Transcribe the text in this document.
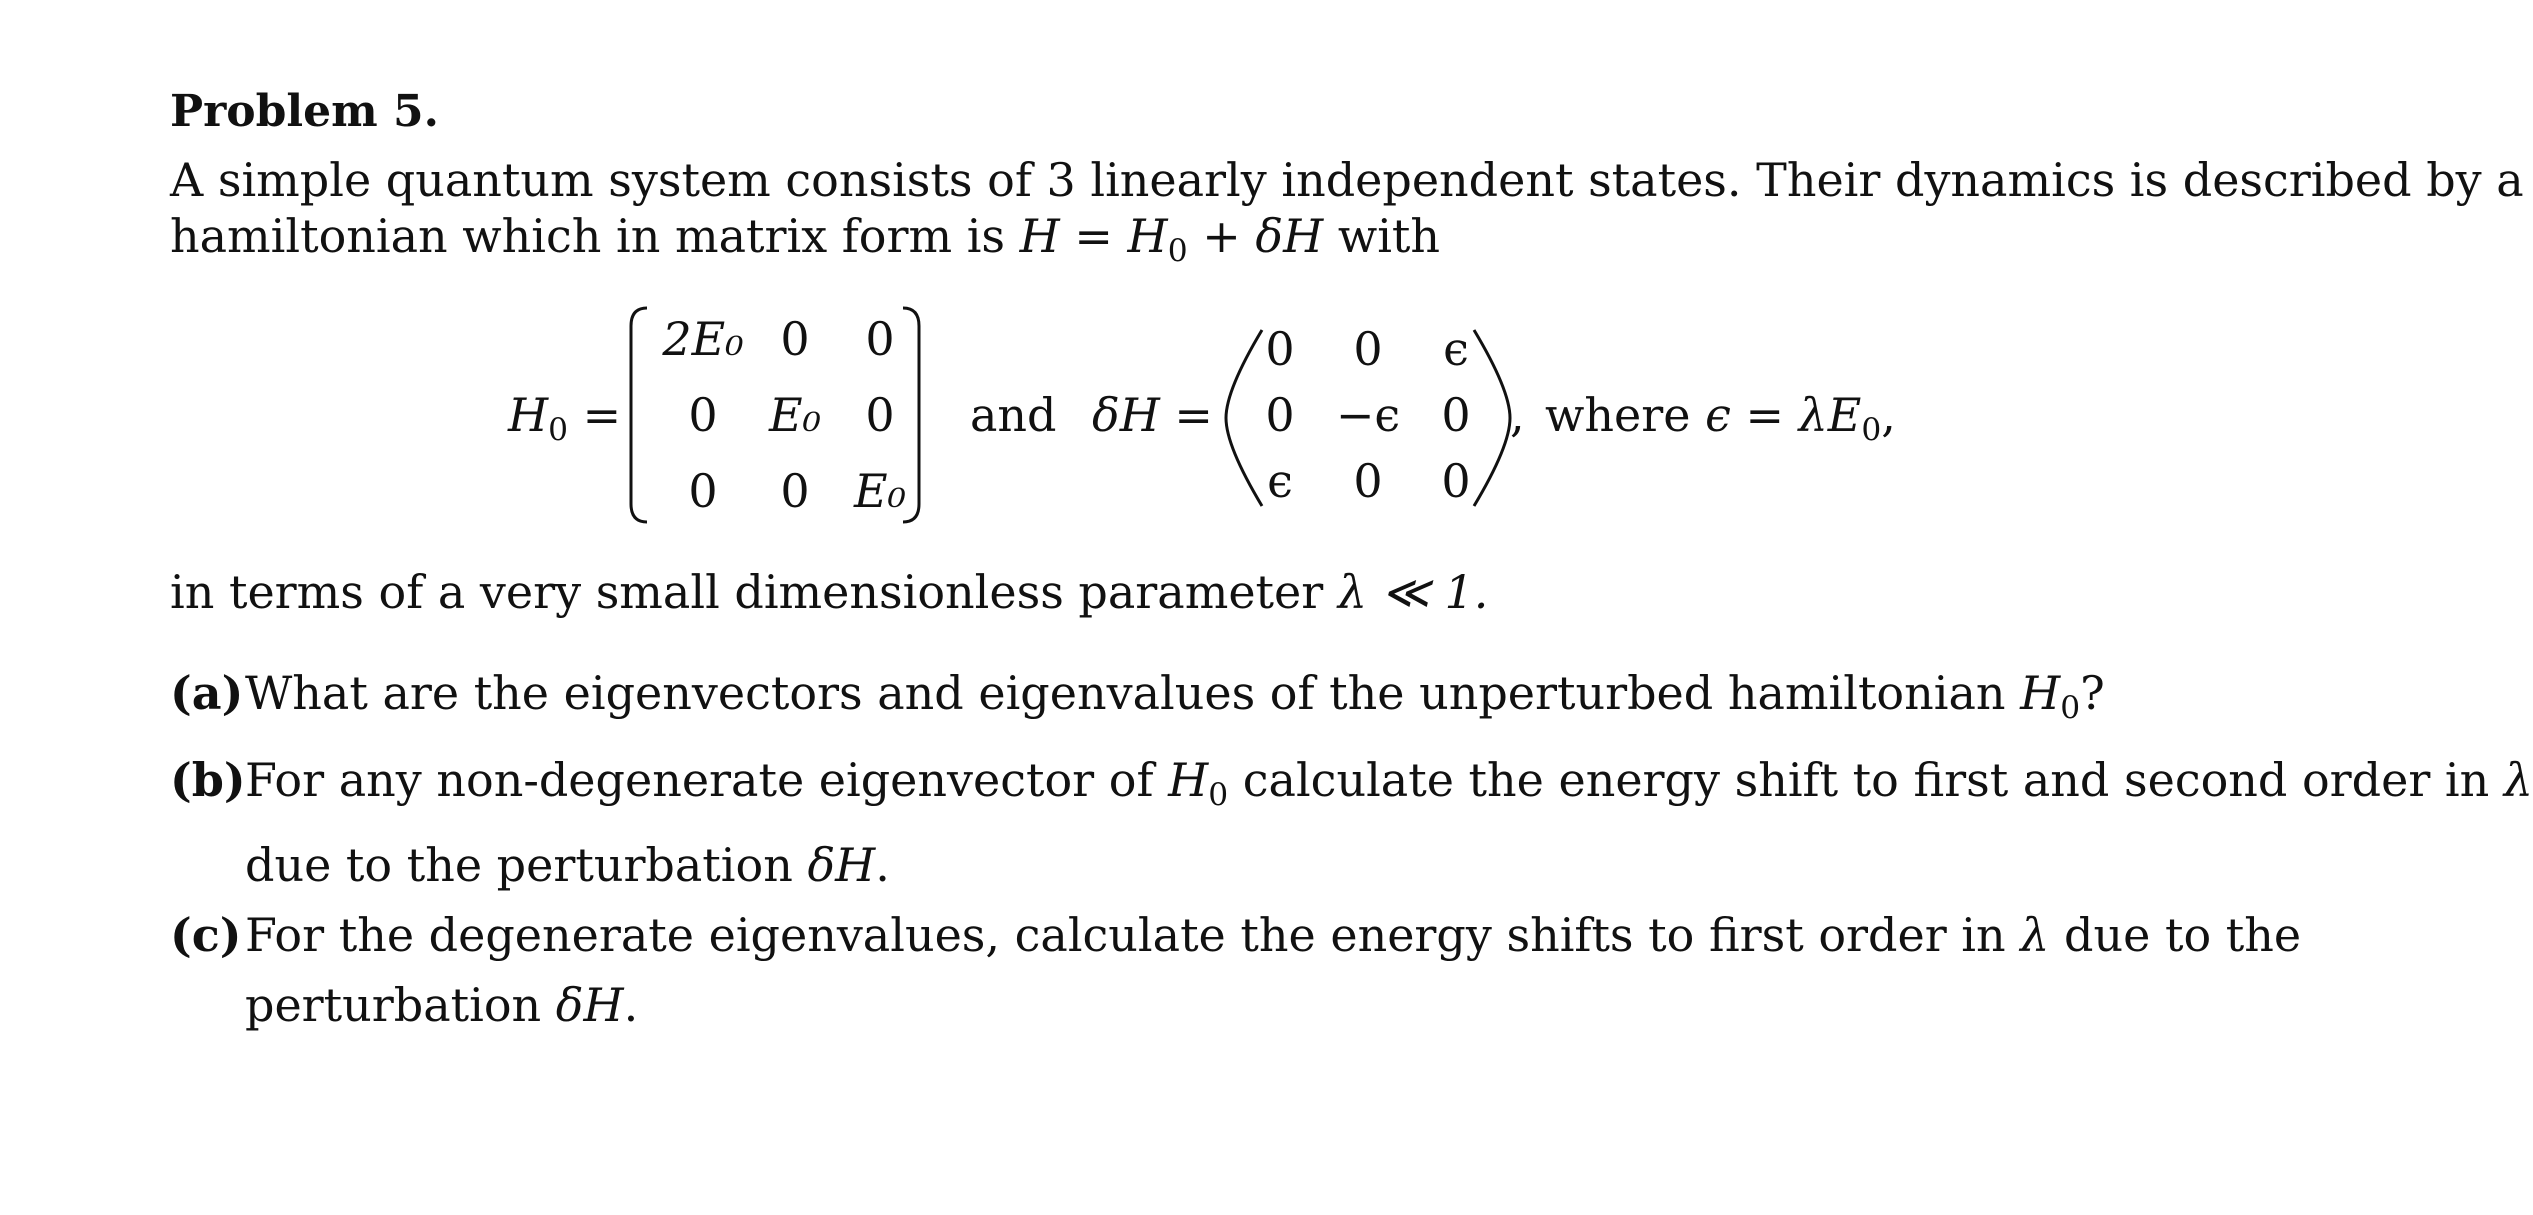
Problem 5.
A simple quantum system consists of 3 linearly independent states. Their dynamics is described by a
hamiltonian which in matrix form is $H = H_0 + \delta H$ with
$H_0$ =
2E₀ 0	0
0	E₀ 0
0	0 E₀
and δH =
0	0	ϵ
0 −ϵ 0
ϵ	0	0
, where $\epsilon = \lambda E_0$,
in terms of a very small dimensionless parameter λ ≪ 1.
(a) What are the eigenvectors and eigenvalues of the unperturbed hamiltonian $H_0$?
(b) For any non-degenerate eigenvector of $H_0$ calculate the energy shift to first and second order in λ
due to the perturbation δH.
(c) For the degenerate eigenvalues, calculate the energy shifts to first order in λ due to the
perturbation δH.
